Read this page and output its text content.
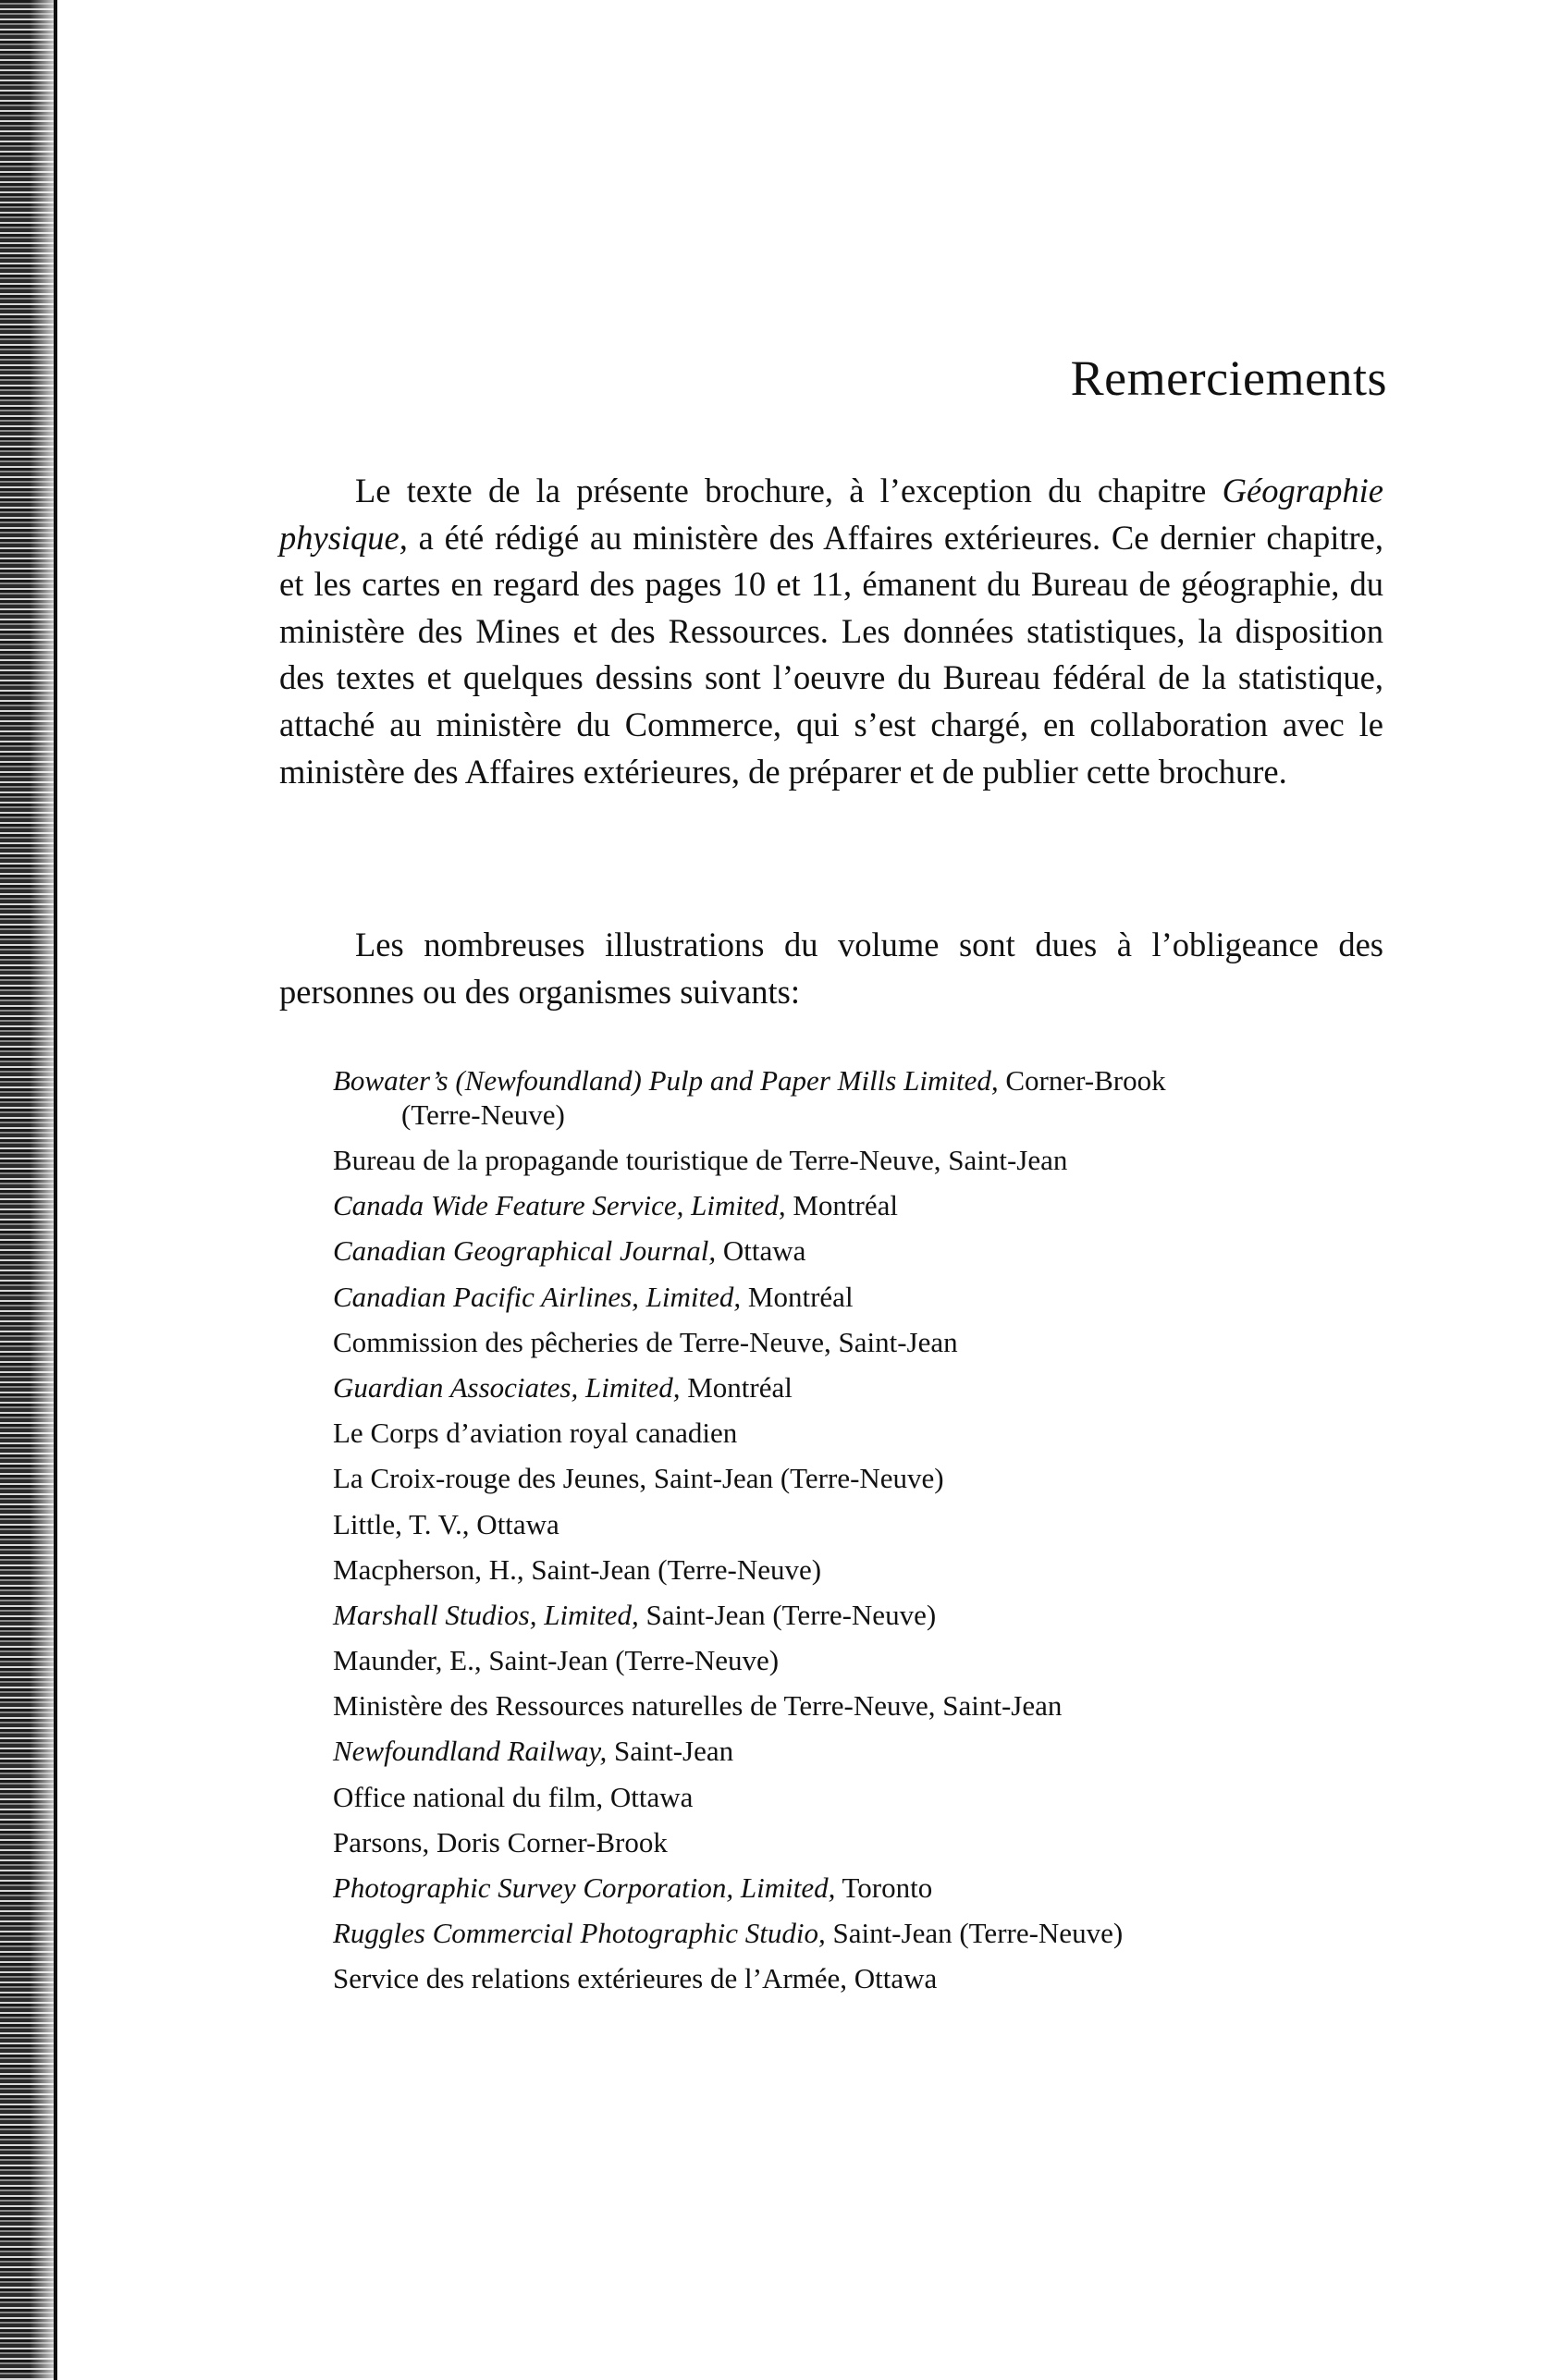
Remerciements

Le texte de la présente brochure, à l’exception du chapitre Géographie physique, a été rédigé au ministère des Affaires extérieures. Ce dernier chapitre, et les cartes en regard des pages 10 et 11, émanent du Bureau de géographie, du ministère des Mines et des Ressources. Les données statistiques, la disposition des textes et quelques dessins sont l’oeuvre du Bureau fédéral de la statistique, attaché au ministère du Commerce, qui s’est chargé, en collaboration avec le ministère des Affaires extérieures, de préparer et de publier cette brochure.

Les nombreuses illustrations du volume sont dues à l’obligeance des personnes ou des organismes suivants:

Bowater’s (Newfoundland) Pulp and Paper Mills Limited, Corner-Brook
(Terre-Neuve)
Bureau de la propagande touristique de Terre-Neuve, Saint-Jean
Canada Wide Feature Service, Limited, Montréal
Canadian Geographical Journal, Ottawa
Canadian Pacific Airlines, Limited, Montréal
Commission des pêcheries de Terre-Neuve, Saint-Jean
Guardian Associates, Limited, Montréal
Le Corps d’aviation royal canadien
La Croix-rouge des Jeunes, Saint-Jean (Terre-Neuve)
Little, T. V., Ottawa
Macpherson, H., Saint-Jean (Terre-Neuve)
Marshall Studios, Limited, Saint-Jean (Terre-Neuve)
Maunder, E., Saint-Jean (Terre-Neuve)
Ministère des Ressources naturelles de Terre-Neuve, Saint-Jean
Newfoundland Railway, Saint-Jean
Office national du film, Ottawa
Parsons, Doris Corner-Brook
Photographic Survey Corporation, Limited, Toronto
Ruggles Commercial Photographic Studio, Saint-Jean (Terre-Neuve)
Service des relations extérieures de l’Armée, Ottawa
